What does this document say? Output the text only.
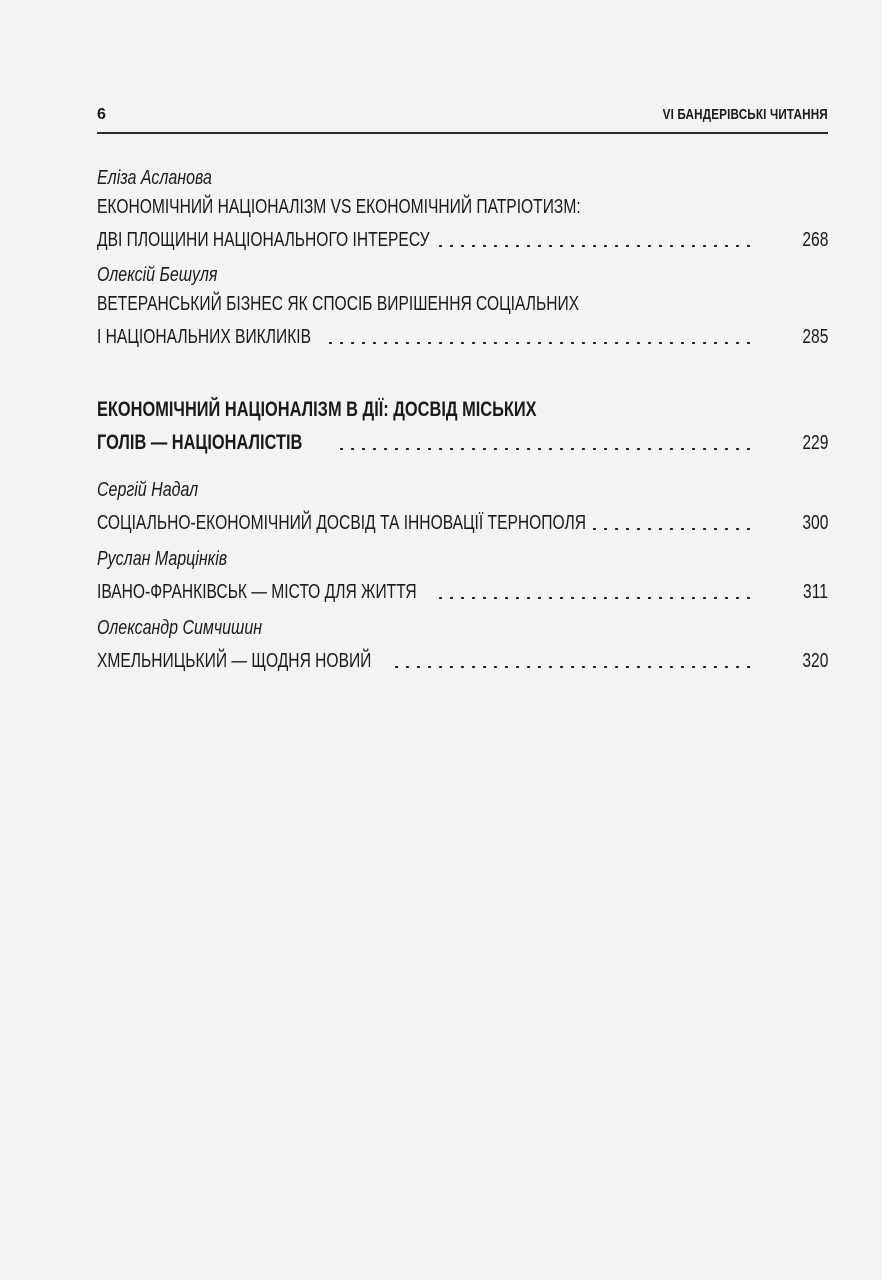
6	VI БАНДЕРІВСЬКІ ЧИТАННЯ
Еліза Асланова
ЕКОНОМІЧНИЙ НАЦІОНАЛІЗМ VS ЕКОНОМІЧНИЙ ПАТРІОТИЗМ:
ДВІ ПЛОЩИНИ НАЦІОНАЛЬНОГО ІНТЕРЕСУ	268
Олексій Бешуля
ВЕТЕРАНСЬКИЙ БІЗНЕС ЯК СПОСІБ ВИРІШЕННЯ СОЦІАЛЬНИХ
І НАЦІОНАЛЬНИХ ВИКЛИКІВ	285
ЕКОНОМІЧНИЙ НАЦІОНАЛІЗМ В ДІЇ: ДОСВІД МІСЬКИХ
ГОЛІВ — НАЦІОНАЛІСТІВ	229
Сергій Надал
СОЦІАЛЬНО-ЕКОНОМІЧНИЙ ДОСВІД ТА ІННОВАЦІЇ ТЕРНОПОЛЯ	300
Руслан Марцінків
ІВАНО-ФРАНКІВСЬК — МІСТО ДЛЯ ЖИТТЯ	311
Олександр Симчишин
ХМЕЛЬНИЦЬКИЙ — ЩОДНЯ НОВИЙ	320
